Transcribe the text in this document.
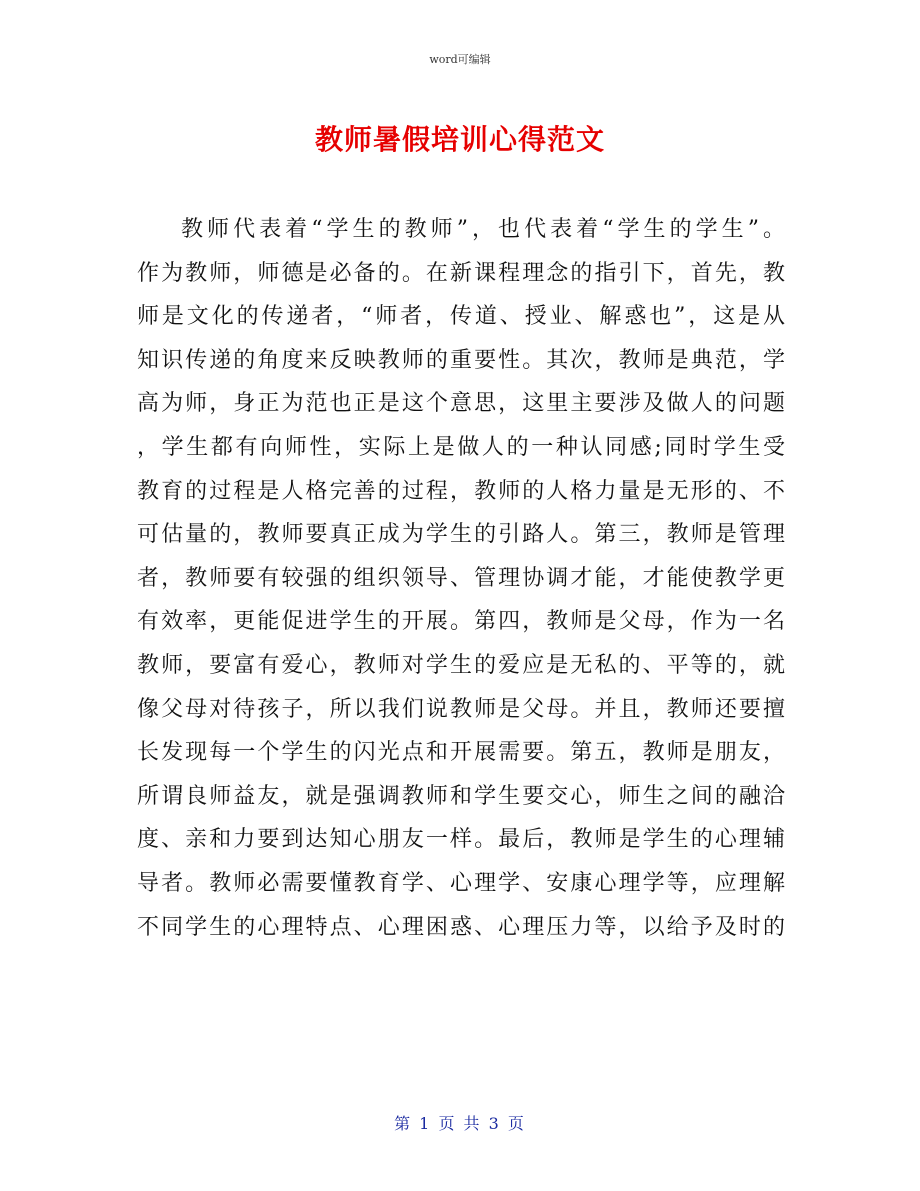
word可编辑
教师暑假培训心得范文
教师代表着“学生的教师”，也代表着“学生的学生”。
作为教师，师德是必备的。在新课程理念的指引下，首先，教
师是文化的传递者，“师者，传道、授业、解惑也”，这是从
知识传递的角度来反映教师的重要性。其次，教师是典范，学
高为师，身正为范也正是这个意思，这里主要涉及做人的问题
，学生都有向师性，实际上是做人的一种认同感;同时学生受
教育的过程是人格完善的过程，教师的人格力量是无形的、不
可估量的，教师要真正成为学生的引路人。第三，教师是管理
者，教师要有较强的组织领导、管理协调才能，才能使教学更
有效率，更能促进学生的开展。第四，教师是父母，作为一名
教师，要富有爱心，教师对学生的爱应是无私的、平等的，就
像父母对待孩子，所以我们说教师是父母。并且，教师还要擅
长发现每一个学生的闪光点和开展需要。第五，教师是朋友，
所谓良师益友，就是强调教师和学生要交心，师生之间的融洽
度、亲和力要到达知心朋友一样。最后，教师是学生的心理辅
导者。教师必需要懂教育学、心理学、安康心理学等，应理解
不同学生的心理特点、心理困惑、心理压力等，以给予及时的
第 1 页 共 3 页
